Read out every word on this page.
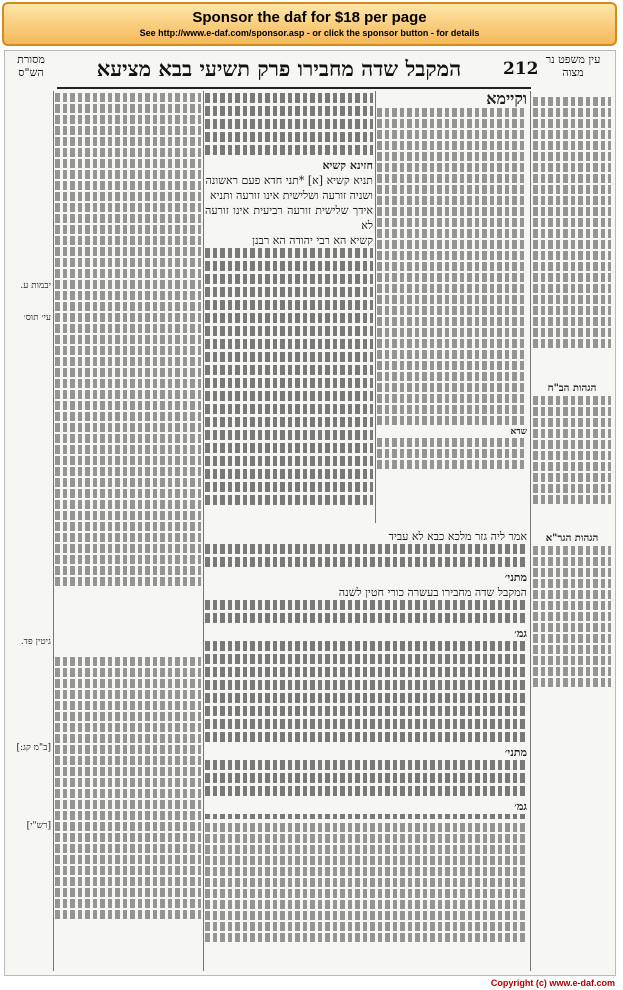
Sponsor the daf for $18 per page
See http://www.e-daf.com/sponsor.asp - or click the sponsor button - for details
מסורת הש"ס	המקבל שדה מחבירו פרק תשיעי בבא מציעא	212 עין משפט נר מצוה
יבמות ע.
עי׳ תוס׳
גיטין פד.
[ב"מ קג:]
[רש"י]
הגהות הב"ח
הגהות הגר"א
וקיימא
שדא
חזינא קשיא
תניא קשיא [א] *תני חדא פעם ראשונה
ושניה זורעה ושלישית אינו זורעה ותניא
אידך שלישית זורעה רביעית אינו זורעה לא
קשיא הא רבי יהודה הא רבנן
אמר ליה גזר מלכא כבא לא עביד
מתני׳
המקבל שדה מחבירו בעשרה כורי חטין לשנה
גמ׳
מתני׳
גמ׳
Copyright (c) www.e-daf.com
